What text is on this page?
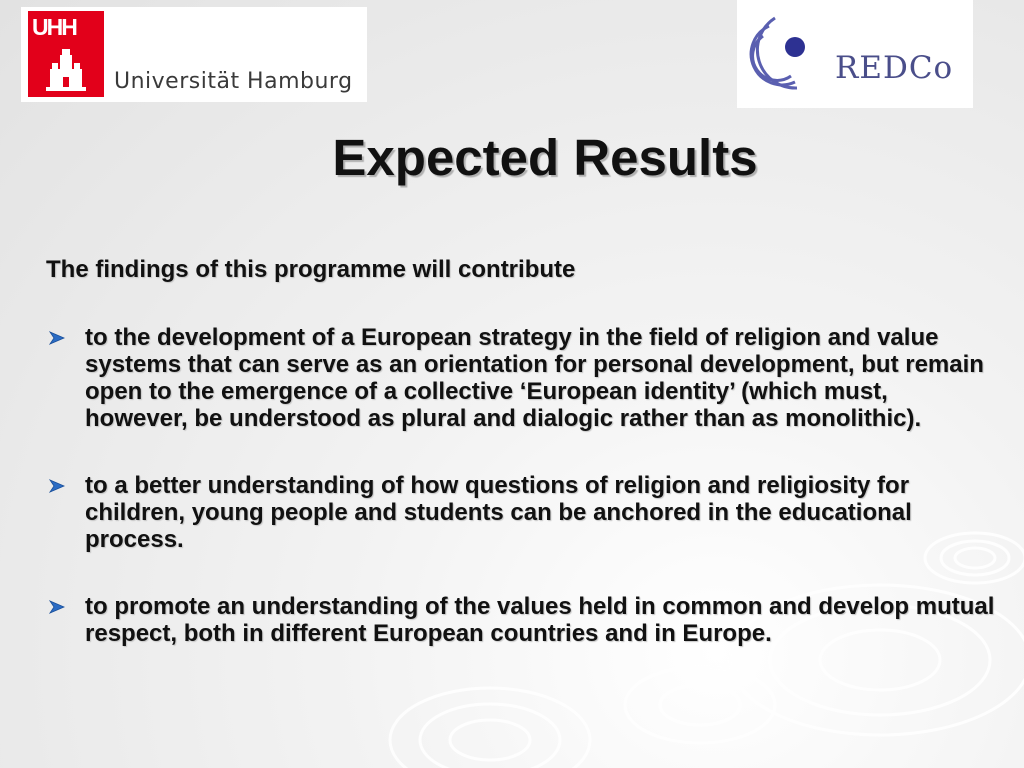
UHH
Universität Hamburg	REDCo
Expected Results
The findings of this programme will contribute
to the development of a European strategy in the field of religion and value systems that can serve as an orientation for personal development, but remain open to the emergence of a collective ‘European identity’ (which must, however, be understood as plural and dialogic rather than as monolithic).
to a better understanding of how questions of religion and religiosity for children, young people and students can be anchored in the educational process.
to promote an understanding of the values held in common and develop mutual respect, both in different European countries and in Europe.
